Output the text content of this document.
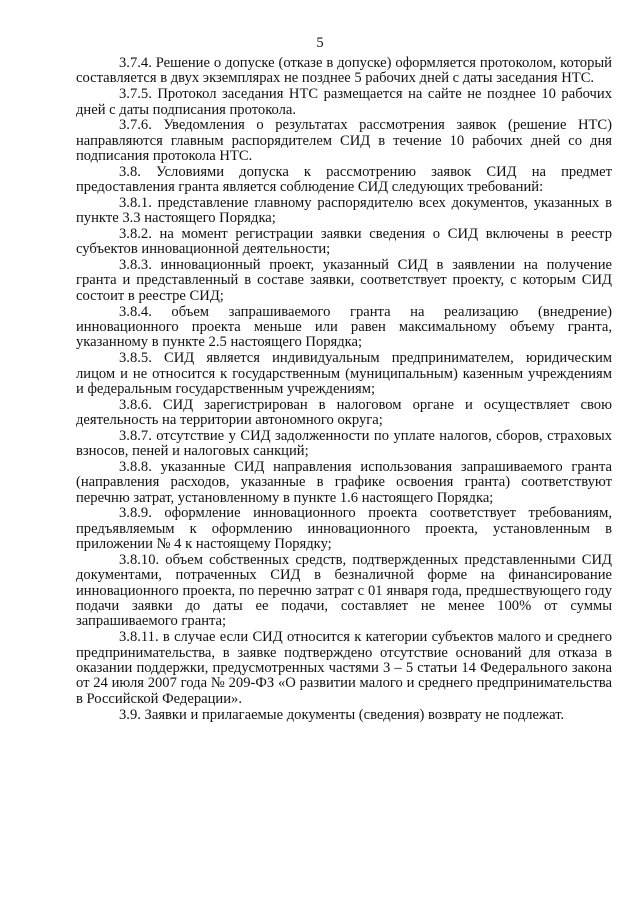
5

3.7.4. Решение о допуске (отказе в допуске) оформляется протоколом, который составляется в двух экземплярах не позднее 5 рабочих дней с даты заседания НТС.

3.7.5. Протокол заседания НТС размещается на сайте не позднее 10 рабочих дней с даты подписания протокола.

3.7.6. Уведомления о результатах рассмотрения заявок (решение НТС) направляются главным распорядителем СИД в течение 10 рабочих дней со дня подписания протокола НТС.

3.8. Условиями допуска к рассмотрению заявок СИД на предмет предоставления гранта является соблюдение СИД следующих требований:

3.8.1. представление главному распорядителю всех документов, указанных в пункте 3.3 настоящего Порядка;

3.8.2. на момент регистрации заявки сведения о СИД включены в реестр субъектов инновационной деятельности;

3.8.3. инновационный проект, указанный СИД в заявлении на получение гранта и представленный в составе заявки, соответствует проекту, с которым СИД состоит в реестре СИД;

3.8.4. объем запрашиваемого гранта на реализацию (внедрение) инновационного проекта меньше или равен максимальному объему гранта, указанному в пункте 2.5 настоящего Порядка;

3.8.5. СИД является индивидуальным предпринимателем, юридическим лицом и не относится к государственным (муниципальным) казенным учреждениям и федеральным государственным учреждениям;

3.8.6. СИД зарегистрирован в налоговом органе и осуществляет свою деятельность на территории автономного округа;

3.8.7. отсутствие у СИД задолженности по уплате налогов, сборов, страховых взносов, пеней и налоговых санкций;

3.8.8. указанные СИД направления использования запрашиваемого гранта (направления расходов, указанные в графике освоения гранта) соответствуют перечню затрат, установленному в пункте 1.6 настоящего Порядка;

3.8.9. оформление инновационного проекта соответствует требованиям, предъявляемым к оформлению инновационного проекта, установленным в приложении № 4 к настоящему Порядку;

3.8.10. объем собственных средств, подтвержденных представленными СИД документами, потраченных СИД в безналичной форме на финансирование инновационного проекта, по перечню затрат с 01 января года, предшествующего году подачи заявки до даты ее подачи, составляет не менее 100% от суммы запрашиваемого гранта;

3.8.11. в случае если СИД относится к категории субъектов малого и среднего предпринимательства, в заявке подтверждено отсутствие оснований для отказа в оказании поддержки, предусмотренных частями 3 – 5 статьи 14 Федерального закона от 24 июля 2007 года № 209-ФЗ «О развитии малого и среднего предпринимательства в Российской Федерации».

3.9. Заявки и прилагаемые документы (сведения) возврату не подлежат.
